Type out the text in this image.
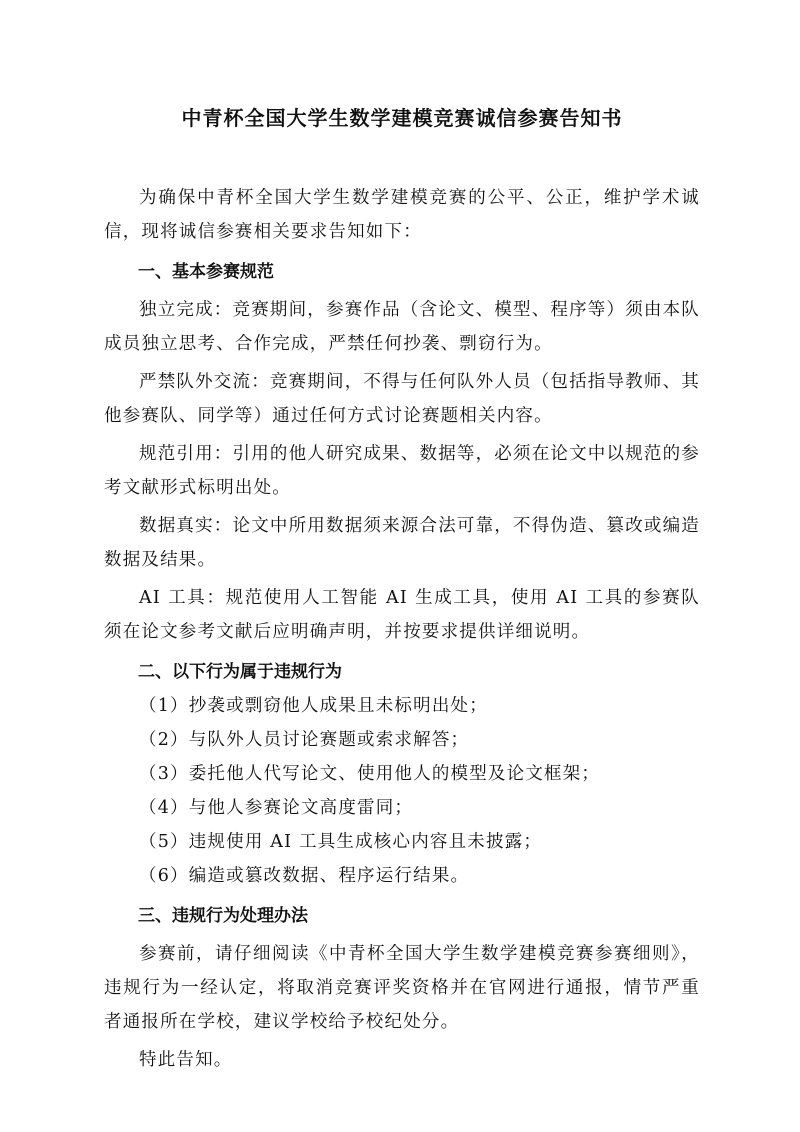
中青杯全国大学生数学建模竞赛诚信参赛告知书

为确保中青杯全国大学生数学建模竞赛的公平、公正，维护学术诚信，现将诚信参赛相关要求告知如下：

一、基本参赛规范

独立完成：竞赛期间，参赛作品（含论文、模型、程序等）须由本队成员独立思考、合作完成，严禁任何抄袭、剽窃行为。

严禁队外交流：竞赛期间，不得与任何队外人员（包括指导教师、其他参赛队、同学等）通过任何方式讨论赛题相关内容。

规范引用：引用的他人研究成果、数据等，必须在论文中以规范的参考文献形式标明出处。

数据真实：论文中所用数据须来源合法可靠，不得伪造、篡改或编造数据及结果。

AI 工具：规范使用人工智能 AI 生成工具，使用 AI 工具的参赛队须在论文参考文献后应明确声明，并按要求提供详细说明。

二、以下行为属于违规行为

（1）抄袭或剽窃他人成果且未标明出处；

（2）与队外人员讨论赛题或索求解答；

（3）委托他人代写论文、使用他人的模型及论文框架；

（4）与他人参赛论文高度雷同；

（5）违规使用 AI 工具生成核心内容且未披露；

（6）编造或篡改数据、程序运行结果。

三、违规行为处理办法

参赛前，请仔细阅读《中青杯全国大学生数学建模竞赛参赛细则》，违规行为一经认定，将取消竞赛评奖资格并在官网进行通报，情节严重者通报所在学校，建议学校给予校纪处分。

特此告知。
